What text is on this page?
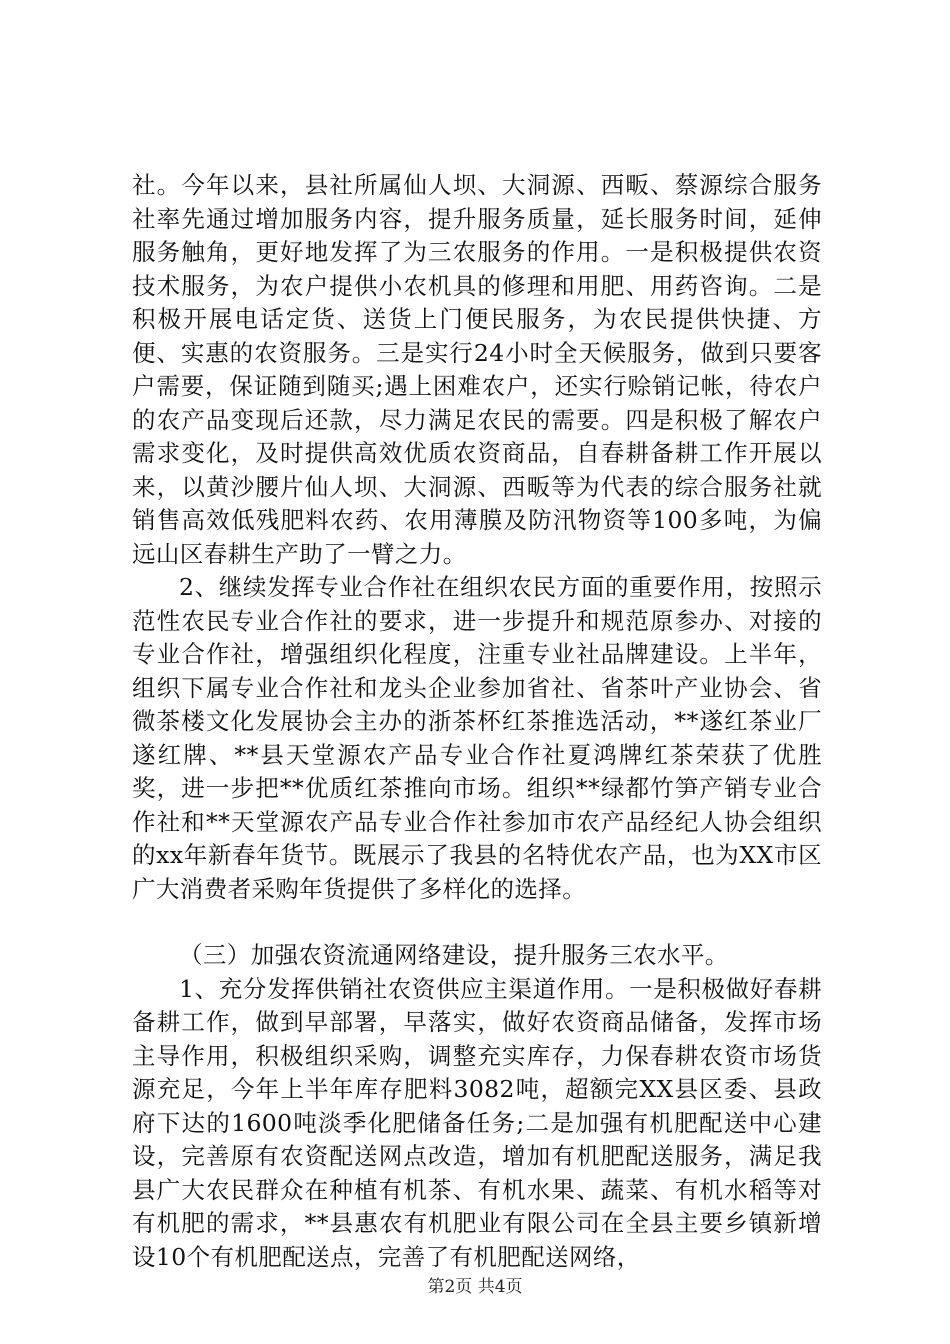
社。今年以来，县社所属仙人坝、大洞源、西畈、蔡源综合服务社率先通过增加服务内容，提升服务质量，延长服务时间，延伸服务触角，更好地发挥了为三农服务的作用。一是积极提供农资技术服务，为农户提供小农机具的修理和用肥、用药咨询。二是积极开展电话定货、送货上门便民服务，为农民提供快捷、方便、实惠的农资服务。三是实行24小时全天候服务，做到只要客户需要，保证随到随买;遇上困难农户，还实行赊销记帐，待农户的农产品变现后还款，尽力满足农民的需要。四是积极了解农户需求变化，及时提供高效优质农资商品，自春耕备耕工作开展以来，以黄沙腰片仙人坝、大洞源、西畈等为代表的综合服务社就销售高效低残肥料农药、农用薄膜及防汛物资等100多吨，为偏远山区春耕生产助了一臂之力。

2、继续发挥专业合作社在组织农民方面的重要作用，按照示范性农民专业合作社的要求，进一步提升和规范原参办、对接的专业合作社，增强组织化程度，注重专业社品牌建设。上半年，组织下属专业合作社和龙头企业参加省社、省茶叶产业协会、省微茶楼文化发展协会主办的浙茶杯红茶推选活动，**遂红茶业厂遂红牌、**县天堂源农产品专业合作社夏鸿牌红茶荣获了优胜奖，进一步把**优质红茶推向市场。组织**绿都竹笋产销专业合作社和**天堂源农产品专业合作社参加市农产品经纪人协会组织的xx年新春年货节。既展示了我县的名特优农产品，也为XX市区广大消费者采购年货提供了多样化的选择。

（三）加强农资流通网络建设，提升服务三农水平。

1、充分发挥供销社农资供应主渠道作用。一是积极做好春耕备耕工作，做到早部署，早落实，做好农资商品储备，发挥市场主导作用，积极组织采购，调整充实库存，力保春耕农资市场货源充足，今年上半年库存肥料3082吨，超额完XX县区委、县政府下达的1600吨淡季化肥储备任务;二是加强有机肥配送中心建设，完善原有农资配送网点改造，增加有机肥配送服务，满足我县广大农民群众在种植有机茶、有机水果、蔬菜、有机水稻等对有机肥的需求，**县惠农有机肥业有限公司在全县主要乡镇新增设10个有机肥配送点，完善了有机肥配送网络，

第2页 共4页
